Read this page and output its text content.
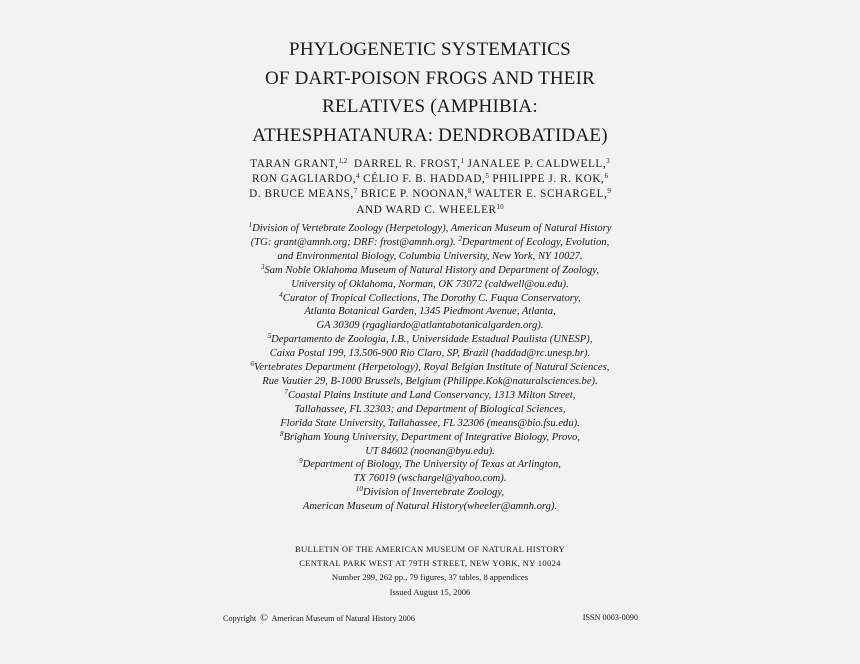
PHYLOGENETIC SYSTEMATICS
OF DART-POISON FROGS AND THEIR
RELATIVES (AMPHIBIA:
ATHESPHATANURA: DENDROBATIDAE)
TARAN GRANT,$^{1,2}$ DARREL R. FROST,$^1$ JANALEE P. CALDWELL,$^3$
RON GAGLIARDO,$^4$ CÉLIO F. B. HADDAD,$^5$ PHILIPPE J. R. KOK,$^6$
D. BRUCE MEANS,$^7$ BRICE P. NOONAN,$^8$ WALTER E. SCHARGEL,$^9$
AND WARD C. WHEELER$^{10}$
$^1$Division of Vertebrate Zoology (Herpetology), American Museum of Natural History
(TG: grant@amnh.org; DRF: frost@amnh.org). $^2$Department of Ecology, Evolution,
and Environmental Biology, Columbia University, New York, NY 10027.
$^3$Sam Noble Oklahoma Museum of Natural History and Department of Zoology,
University of Oklahoma, Norman, OK 73072 (caldwell@ou.edu).
$^4$Curator of Tropical Collections, The Dorothy C. Fuqua Conservatory,
Atlanta Botanical Garden, 1345 Piedmont Avenue, Atlanta,
GA 30309 (rgagliardo@atlantabotanicalgarden.org).
$^5$Departamento de Zoologia, I.B., Universidade Estadual Paulista (UNESP),
Caixa Postal 199, 13.506-900 Rio Claro, SP, Brazil (haddad@rc.unesp.br).
$^6$Vertebrates Department (Herpetology), Royal Belgian Institute of Natural Sciences,
Rue Vautier 29, B-1000 Brussels, Belgium (Philippe.Kok@naturalsciences.be).
$^7$Coastal Plains Institute and Land Conservancy, 1313 Milton Street,
Tallahassee, FL 32303; and Department of Biological Sciences,
Florida State University, Tallahassee, FL 32306 (means@bio.fsu.edu).
$^8$Brigham Young University, Department of Integrative Biology, Provo,
UT 84602 (noonan@byu.edu).
$^9$Department of Biology, The University of Texas at Arlington,
TX 76019 (wschargel@yahoo.com).
$^{10}$Division of Invertebrate Zoology,
American Museum of Natural History(wheeler@amnh.org).
BULLETIN OF THE AMERICAN MUSEUM OF NATURAL HISTORY
CENTRAL PARK WEST AT 79TH STREET, NEW YORK, NY 10024
Number 299, 262 pp., 79 figures, 37 tables, 8 appendices
Issued August 15, 2006
Copyright © American Museum of Natural History 2006	ISSN 0003-0090
